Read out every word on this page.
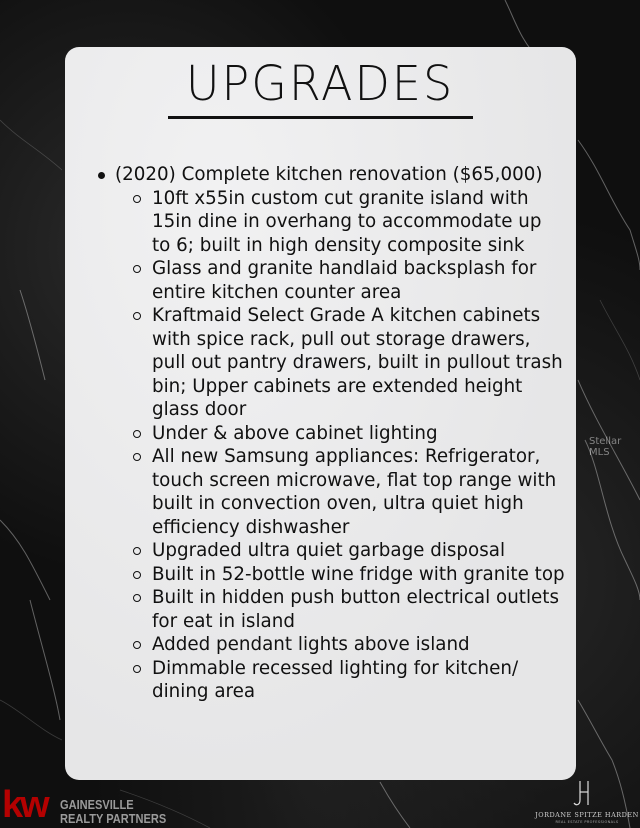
UPGRADES
(2020) Complete kitchen renovation ($65,000)
10ft x55in custom cut granite island with 15in dine in overhang to accommodate up to 6; built in high density composite sink
Glass and granite handlaid backsplash for entire kitchen counter area
Kraftmaid Select Grade A kitchen cabinets with spice rack, pull out storage drawers, pull out pantry drawers, built in pullout trash bin; Upper cabinets are extended height glass door
Under & above cabinet lighting
All new Samsung appliances: Refrigerator, touch screen microwave, flat top range with built in convection oven, ultra quiet high efficiency dishwasher
Upgraded ultra quiet garbage disposal
Built in 52-bottle wine fridge with granite top
Built in hidden push button electrical outlets for eat in island
Added pendant lights above island
Dimmable recessed lighting for kitchen/ dining area
Stellar MLS
kw GAINESVILLE
REALTY PARTNERS	JORDANE SPITZE HARDEN
REAL ESTATE PROFESSIONALS
